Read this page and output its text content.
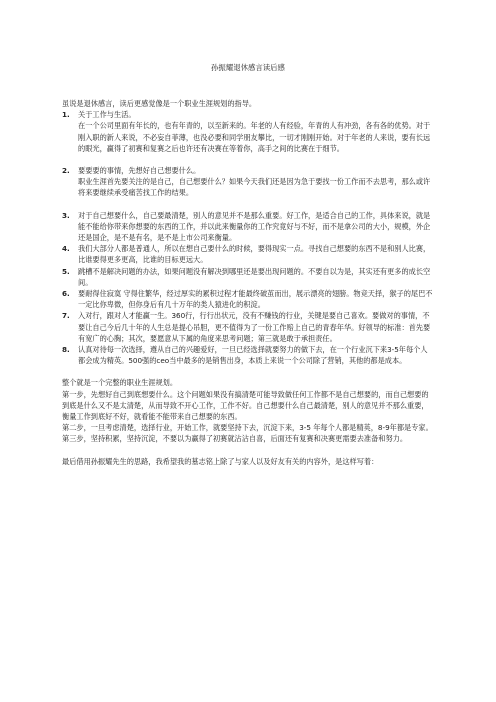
孙振耀退休感言读后感

虽说是退休感言，读后更感觉像是一个职业生涯规划的指导。

1. 关于工作与生活。

在一个公司里面有年长的，也有年青的，以至新来的。年老的人有经验，年青的人有冲劲，各有各的优势。对于刚入职的新人来说，不必妄自菲薄，也没必要和同学朋友攀比，一切才刚刚开始。对于年老的人来说，要有长远的眼光，赢得了初赛和复赛之后也许还有决赛在等着你，高手之间的比赛在于细节。

2. 要要要的事情，先想好自己想要什么。

职业生涯首先要关注的是自己，自己想要什么？如果今天我们还是因为急于要找一份工作而不去思考，那么或许将来要继续承受痛苦找工作的结果。

3. 对于自己想要什么，自己要最清楚，别人的意见并不是那么重要。好工作，是适合自己的工作，具体来说，就是能不能给你带来你想要的东西的工作，并以此来衡量你的工作究竟好与不好，而不是拿公司的大小，规模，外企还是国企，是不是有名，是不是上市公司来衡量。

4. 我们大部分人都是普通人，所以在想自己要什么的时候，要得现实一点。寻找自己想要的东西不是和别人比赛，比谁要得更多更高，比谁的目标更远大。

5. 跳槽不是解决问题的办法，如果问题没有解决到哪里还是要出现问题的。不要自以为是，其实还有更多的成长空间。

6. 要耐得住寂寞 守得住繁华，经过厚实的累积过程才能最终破茧而出，展示漂亮的翅膀。物竞天择，猴子的尾巴不一定比你卑微，但你身后有几十万年的类人猿进化的积淀。

7. 入对行，跟对人才能赢一生。360行，行行出状元，没有不赚钱的行业，关键是要自己喜欢。要做对的事情，不要让自己今后几十年的人生总是提心吊胆，更不值得为了一份工作赔上自己的青春年华。好领导的标准：首先要有宽广的心胸；其次，要愿意从下属的角度来思考问题；第三就是敢于承担责任。

8. 认真对待每一次选择，遵从自己的兴趣爱好，一旦已经选择就要努力的做下去，在一个行业沉下来3-5年每个人都会成为精英。500强的ceo当中最多的是销售出身，本质上来说一个公司除了营销，其他的都是成本。

整个就是一个完整的职业生涯规划。

第一步，先想好自己到底想要什么。这个问题如果没有搞清楚可能导致做任何工作都不是自己想要的，而自己想要的到底是什么又不是太清楚，从而导致不开心工作，工作不好。自己想要什么自己最清楚，别人的意见并不那么重要，衡量工作到底好不好，就看能不能带来自己想要的东西。

第二步，一旦考虑清楚，选择行业，开始工作，就要坚持下去，沉淀下来，3-5 年每个人都是精英，8-9年都是专家。

第三步，坚持积累，坚持沉淀，不要以为赢得了初赛就沾沾自喜，后面还有复赛和决赛更需要去准备和努力。

最后借用孙振耀先生的思路，我希望我的墓志铭上除了与家人以及好友有关的内容外，是这样写着：
